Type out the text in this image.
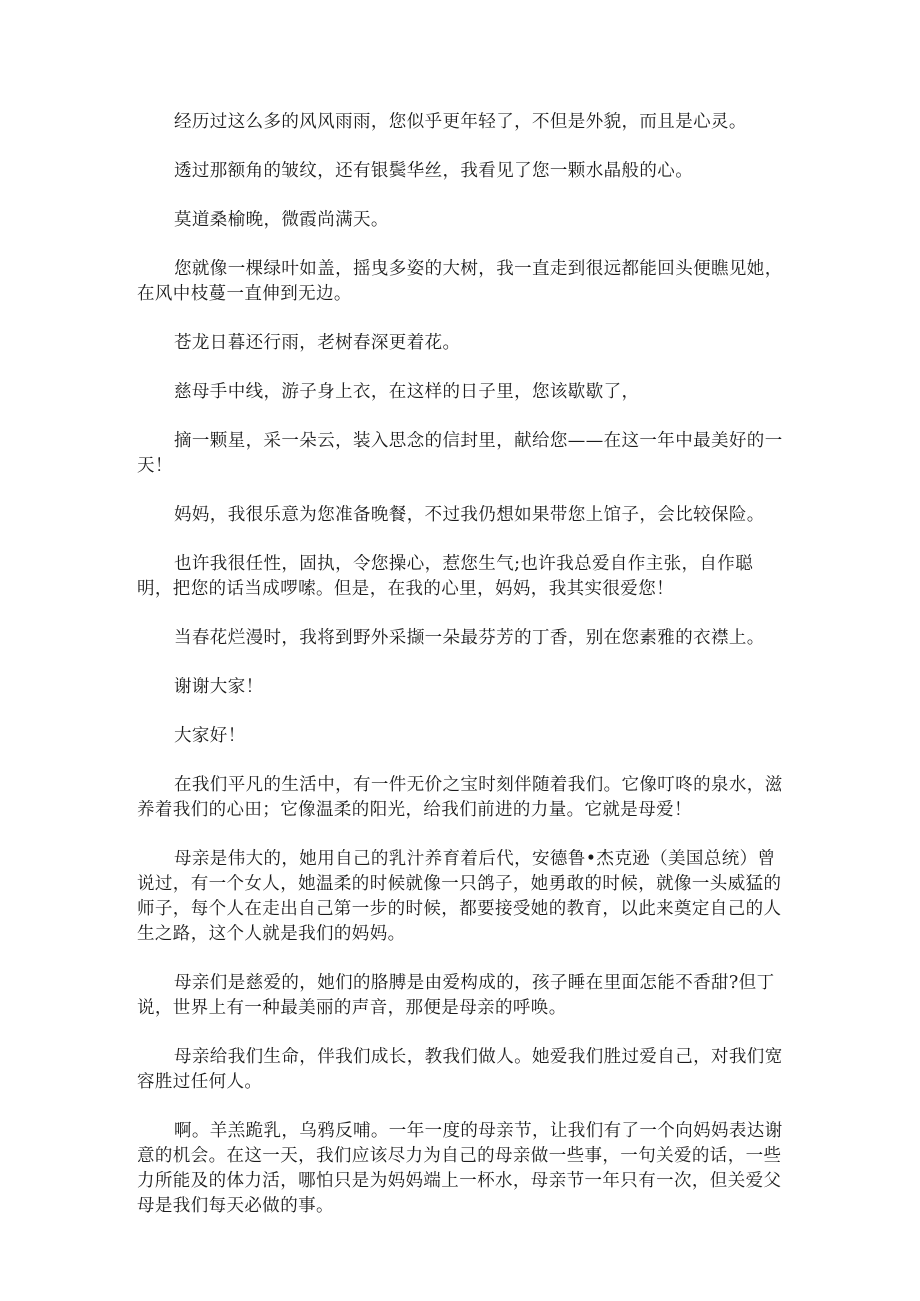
经历过这么多的风风雨雨，您似乎更年轻了，不但是外貌，而且是心灵。

透过那额角的皱纹，还有银鬓华丝，我看见了您一颗水晶般的心。

莫道桑榆晚，微霞尚满天。

您就像一棵绿叶如盖，摇曳多姿的大树，我一直走到很远都能回头便瞧见她，在风中枝蔓一直伸到无边。

苍龙日暮还行雨，老树春深更着花。

慈母手中线，游子身上衣，在这样的日子里，您该歇歇了，

摘一颗星，采一朵云，装入思念的信封里，献给您——在这一年中最美好的一天！

妈妈，我很乐意为您准备晚餐，不过我仍想如果带您上馆子，会比较保险。

也许我很任性，固执，令您操心，惹您生气;也许我总爱自作主张，自作聪明，把您的话当成啰嗦。但是，在我的心里，妈妈，我其实很爱您！

当春花烂漫时，我将到野外采撷一朵最芬芳的丁香，别在您素雅的衣襟上。

谢谢大家！

大家好！

在我们平凡的生活中，有一件无价之宝时刻伴随着我们。它像叮咚的泉水，滋养着我们的心田；它像温柔的阳光，给我们前进的力量。它就是母爱！

母亲是伟大的，她用自己的乳汁养育着后代，安德鲁•杰克逊（美国总统）曾说过，有一个女人，她温柔的时候就像一只鸽子，她勇敢的时候，就像一头威猛的师子，每个人在走出自己第一步的时候，都要接受她的教育，以此来奠定自己的人生之路，这个人就是我们的妈妈。

母亲们是慈爱的，她们的胳膊是由爱构成的，孩子睡在里面怎能不香甜?但丁说，世界上有一种最美丽的声音，那便是母亲的呼唤。

母亲给我们生命，伴我们成长，教我们做人。她爱我们胜过爱自己，对我们宽容胜过任何人。

啊。羊羔跪乳，乌鸦反哺。一年一度的母亲节，让我们有了一个向妈妈表达谢意的机会。在这一天，我们应该尽力为自己的母亲做一些事，一句关爱的话，一些力所能及的体力活，哪怕只是为妈妈端上一杯水，母亲节一年只有一次，但关爱父母是我们每天必做的事。
